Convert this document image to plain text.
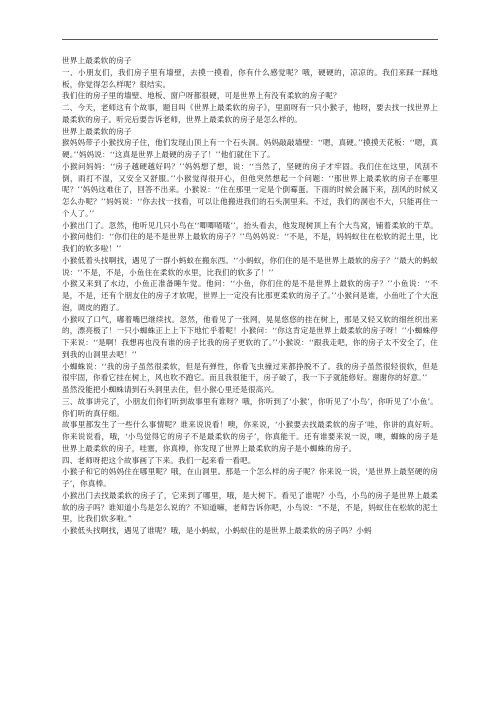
世界上最柔软的房子

一、小朋友们，我们房子里有墙壁，去摸一摸看，你有什么感觉呢？哦，硬硬的，凉凉的。我们来踩一踩地板，你觉得怎么样呢？很结实。

我们住的房子里的墙壁、地板、窗户呀都很硬，可是世界上有没有柔软的房子呢？

二、今天，老师这有个故事，题目叫《世界上最柔软的房子》，里面呀有一只小猴子，他呀，要去找一找世界上最柔软的房子。听完后要告诉老师，世界上最柔软的房子是怎么样的。

世界上最柔软的房子

猴妈妈带子小猴找房子住，他们发现山顶上有一个石头洞。妈妈敲敲墙壁：‘‘嗯，真硬。’’摸摸天花板：‘‘嗯，真硬。’’妈妈说：‘‘这真是世界上最硬的房子了！’’他们就住下了。

小猴问妈妈：‘‘房子越硬越好吗？’’妈妈想了想，说：‘‘当然了，坚硬的房子才牢固。我们住在这里，风刮不倒，雨打不湿，又安全又舒服。’’小猴觉得很开心，但他突然想起一个问题：‘‘那世界上最柔软的房子在哪里呢？’’妈妈这难住了，回答不出来。小猴说：‘‘住在那里一定是个倒霉蛋。下雨的时候会漏下来，刮风的时候又怎么办呢？’’妈妈说：‘‘你去找一找看，可以让他搬进我们的石头洞里来。不过，我们的洞也不大，只能再住一个人了。’’

小猴出门了。忽然，他听见几只小鸟在‘‘唧唧喳喳’’，抬头看去，他发现树顶上有个大鸟窝，铺着柔软的干草。小猴问他们：‘‘你们住的是不是世界上最软的房子？’’鸟妈妈说：‘‘不是，不是，妈妈蚁住在松软的泥土里，比我们的软多啦！’’

小猴低着头找啊找，遇见了一群小蚂蚁在搬东西。‘‘小蚂蚁，你们住的是不是世界上最软的房子？’’最大的蚂蚁说：‘‘不是，不是，小鱼住在柔软的水里，比我们的软多了！’’

小猴又来到了水边，小鱼正准备睡午觉。他问：‘‘小鱼，你们住的是不是世界上最软的房子？’’小鱼说：‘‘不是，不是，还有个朋友住的房子才软呢，世界上一定没有比那更柔软的房子了。’’小猴问是谁，小鱼吐了个大泡泡，调皮的跑了。

小猴叹了口气，嘟着嘴巴继续找。忽然，他看见了一张网，晃晃悠悠的挂在树上，那是又轻又软的细丝织出来的，漂亮极了！一只小蜘蛛正上上下下地忙乎着呢！小猴问：‘‘你这肯定是世界上最柔软的房子呀！’’小蜘蛛停下来说：‘‘是啊！我想再也没有谁的房子比我的房子更软的了。’’小猴说：‘‘跟我走吧，你的房子太不安全了，住到我的山洞里去吧！’’

小蜘蛛说：‘‘我的房子虽然很柔软，但是有弹性，你看飞虫撞过来都挣脱不了。我的房子虽然很轻很软，但是很牢固，你看它挂在树上，风也吹不跑它。而且我很能干，房子破了，我一下子就能修好。谢谢你的好意。’’

虽然没能把小蜘蛛请到石头洞里去住，但小猴心里还是很高兴。

三、故事讲完了，小朋友们你们听到故事里有谁呀？哦，你听到了‘小猴’，你听见了‘小鸟’，你听见了‘小鱼’。你们听的真仔细。

故事里都发生了一些什么事情呢？谁来说说看！噢，你来说，‘小猴要去找最柔软的房子’哇，你讲的真好听。你来说说看，哦，‘小鸟觉得它的房子不是最柔软的房子’，你真能干。还有谁要来说一说，噢，蜘蛛的房子是世界上最柔软的房子，哇塞，你真棒，你发现了世界上最柔软的房子是小蜘蛛的房子。

四、老师呀把这个故事画了下来。我们一起来看一看吧。

小猴子和它的妈妈住在哪里呢？哦，在山洞里。那是一个怎么样的房子呢？你来说一说，‘是世界上最坚硬的房子’，你真棒。

小猴出门去找最柔软的房子了，它来到了哪里，哦，是大树下。看见了谁呢？小鸟，小鸟的房子是世界上最柔软的房子吗？谁知道小鸟是怎么说的？不知道嘛，老师告诉你吧，小鸟说：“不是，不是，妈蚁住在松软的泥土里，比我们软多啦。”

小猴低头找啊找，遇见了谁呢？哦，是小蚂蚁，小蚂蚁住的是世界上最柔软的房子吗？小蚂
